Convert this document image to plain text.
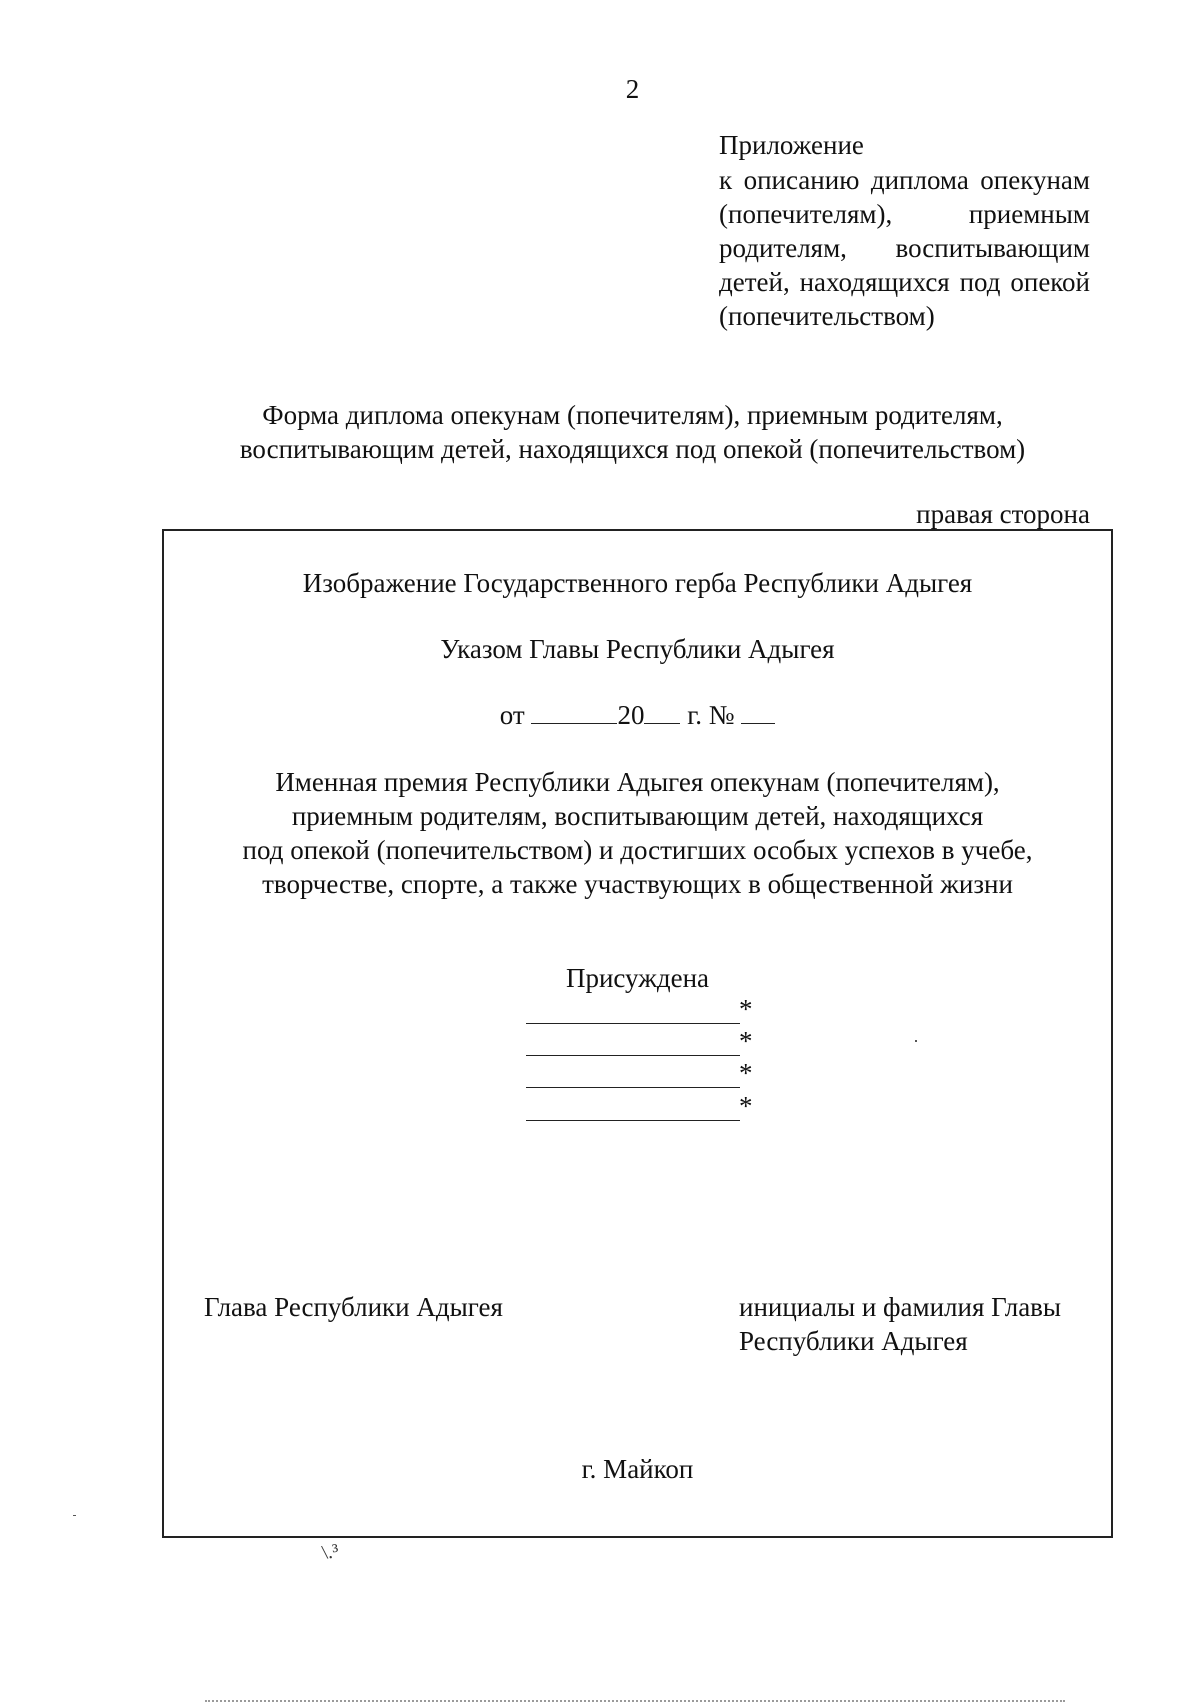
2
Приложение
к описанию диплома опекунам (попечителям), приемным родителям, воспитывающим детей, находящихся под опекой (попечительством)
Форма диплома опекунам (попечителям), приемным родителям,
воспитывающим детей, находящихся под опекой (попечительством)
правая сторона
Изображение Государственного герба Республики Адыгея
Указом Главы Республики Адыгея
от	20 г. №
Именная премия Республики Адыгея опекунам (попечителям),
приемным родителям, воспитывающим детей, находящихся
под опекой (попечительством) и достигших особых успехов в учебе,
творчестве, спорте, а также участвующих в общественной жизни
Присуждена
*
*
*
*
Глава Республики Адыгея	инициалы и фамилия Главы
Республики Адыгея
г. Майкоп
\.³
